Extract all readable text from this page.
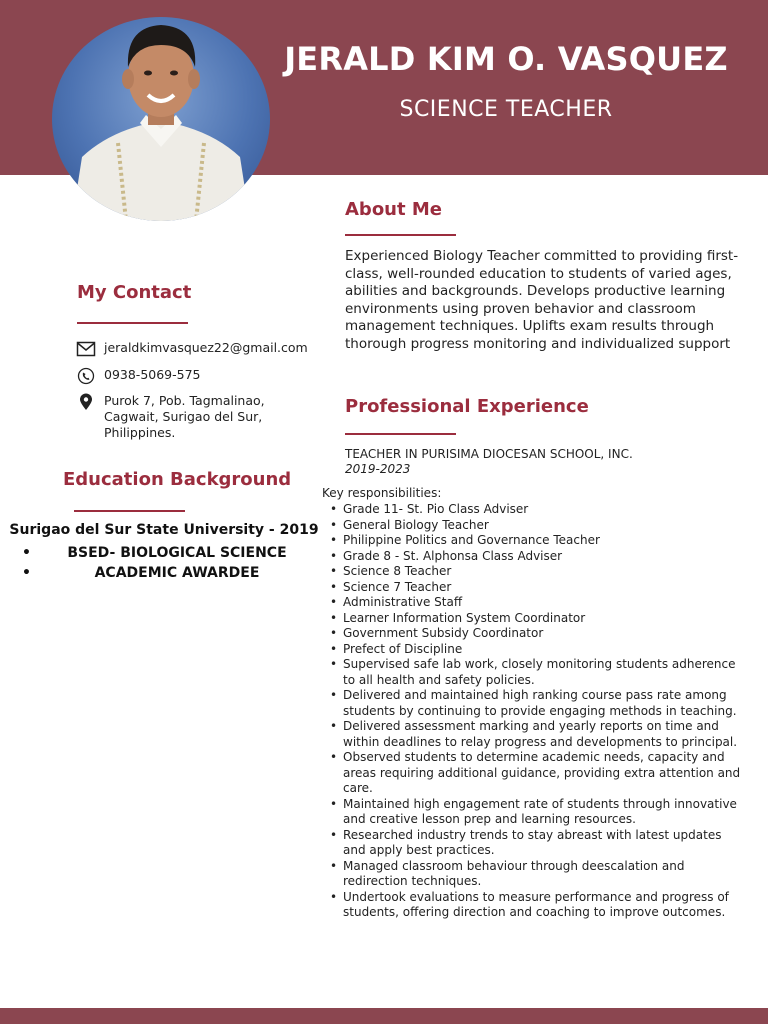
JERALD KIM O. VASQUEZ
SCIENCE TEACHER
About Me

Experienced Biology Teacher committed to providing first-class, well-rounded education to students of varied ages, abilities and backgrounds. Develops productive learning environments using proven behavior and classroom management techniques. Uplifts exam results through thorough progress monitoring and individualized support

My Contact
jeraldkimvasquez22@gmail.com
0938-5069-575
Purok 7, Pob. Tagmalinao, Cagwait, Surigao del Sur, Philippines.
Education Background
Surigao del Sur State University - 2019
•	BSED- BIOLOGICAL SCIENCE
•	ACADEMIC AWARDEE
Professional Experience
TEACHER IN PURISIMA DIOCESAN SCHOOL, INC.
2019-2023
Key responsibilities:
• Grade 11- St. Pio Class Adviser
• General Biology Teacher
• Philippine Politics and Governance Teacher
• Grade 8 - St. Alphonsa Class Adviser
• Science 8 Teacher
• Science 7 Teacher
• Administrative Staff
• Learner Information System Coordinator
• Government Subsidy Coordinator
• Prefect of Discipline
• Supervised safe lab work, closely monitoring students adherence to all health and safety policies.
• Delivered and maintained high ranking course pass rate among students by continuing to provide engaging methods in teaching.
• Delivered assessment marking and yearly reports on time and within deadlines to relay progress and developments to principal.
• Observed students to determine academic needs, capacity and areas requiring additional guidance, providing extra attention and care.
• Maintained high engagement rate of students through innovative and creative lesson prep and learning resources.
• Researched industry trends to stay abreast with latest updates and apply best practices.
• Managed classroom behaviour through deescalation and redirection techniques.
• Undertook evaluations to measure performance and progress of students, offering direction and coaching to improve outcomes.
